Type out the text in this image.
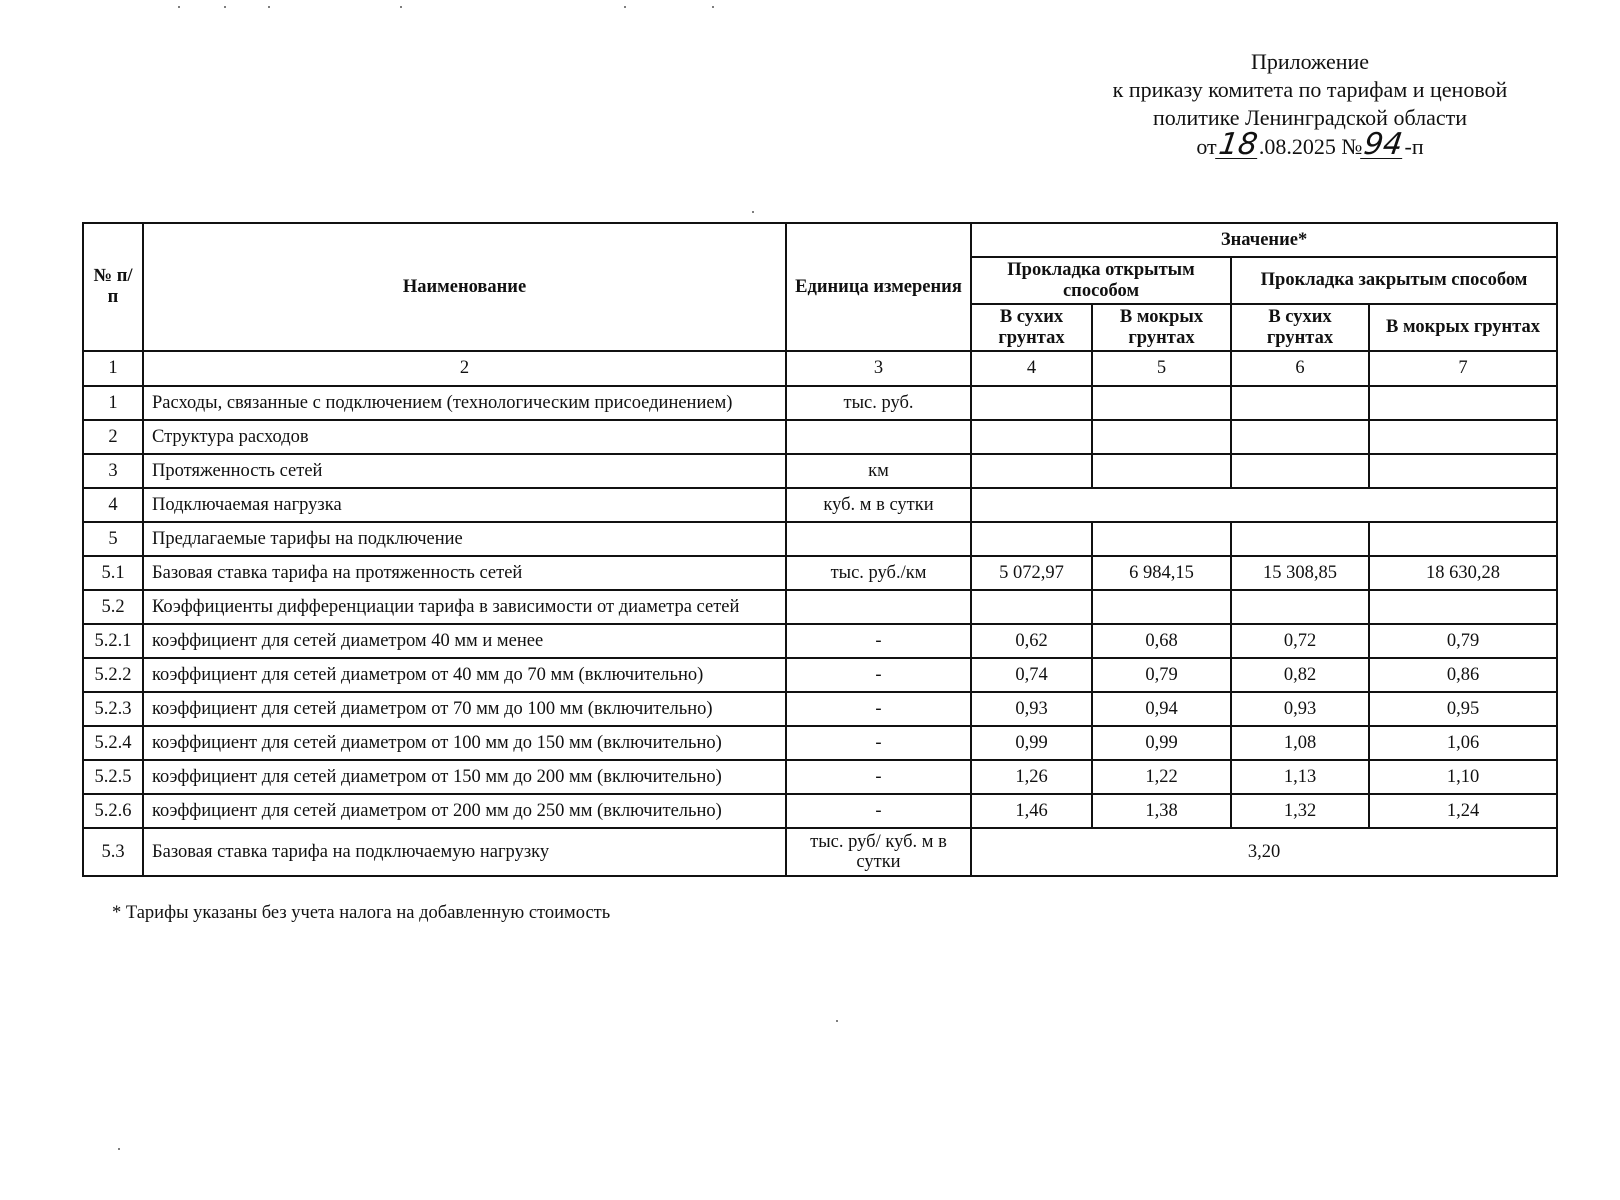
Приложение
к приказу комитета по тарифам и ценовой
политике Ленинградской области
от18.08.2025 №94-п
№ п/п	Наименование	Единица измерения	Значение*			
			Прокладка открытым способом		Прокладка закрытым способом	
			В сухих грунтах	В мокрых грунтах	В сухих грунтах	В мокрых грунтах
1	2	3	4	5	6	7
1	Расходы, связанные с подключением (технологическим присоединением)	тыс. руб.				
2	Структура расходов					
3	Протяженность сетей	км				
4	Подключаемая нагрузка	куб. м в сутки				
5	Предлагаемые тарифы на подключение					
5.1	Базовая ставка тарифа на протяженность сетей	тыс. руб./км	5 072,97	6 984,15	15 308,85	18 630,28
5.2	Коэффициенты дифференциации тарифа в зависимости от диаметра сетей					
5.2.1	коэффициент для сетей диаметром 40 мм и менее	-	0,62	0,68	0,72	0,79
5.2.2	коэффициент для сетей диаметром от 40 мм до 70 мм (включительно)	-	0,74	0,79	0,82	0,86
5.2.3	коэффициент для сетей диаметром от 70 мм до 100 мм (включительно)	-	0,93	0,94	0,93	0,95
5.2.4	коэффициент для сетей диаметром от 100 мм до 150 мм (включительно)	-	0,99	0,99	1,08	1,06
5.2.5	коэффициент для сетей диаметром от 150 мм до 200 мм (включительно)	-	1,26	1,22	1,13	1,10
5.2.6	коэффициент для сетей диаметром от 200 мм до 250 мм (включительно)	-	1,46	1,38	1,32	1,24
5.3	Базовая ставка тарифа на подключаемую нагрузку	тыс. руб/ куб. м в сутки	3,20			
* Тарифы указаны без учета налога на добавленную стоимость
